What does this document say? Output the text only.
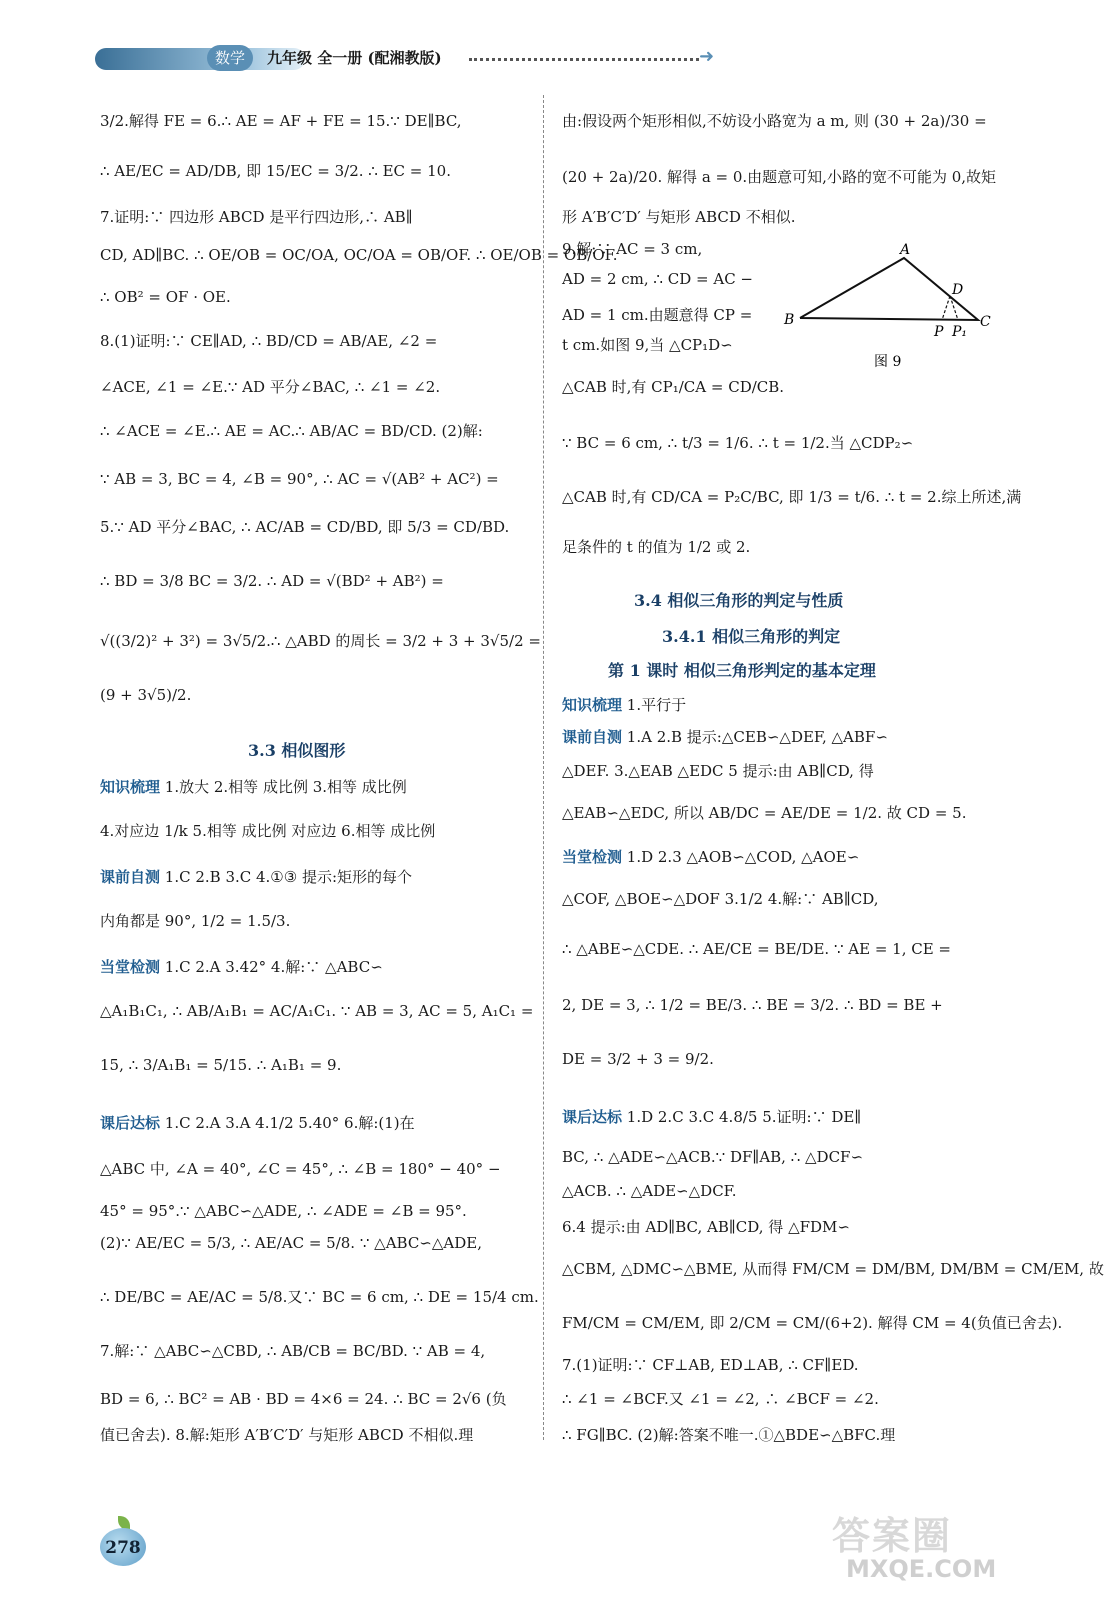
数学	九年级 全一册 (配湘教版)	➜
3/2.解得 FE = 6.∴ AE = AF + FE = 15.∵ DE∥BC,
∴ AE/EC = AD/DB, 即 15/EC = 3/2. ∴ EC = 10.
7.证明:∵ 四边形 ABCD 是平行四边形,∴ AB∥
CD, AD∥BC. ∴ OE/OB = OC/OA, OC/OA = OB/OF. ∴ OE/OB = OB/OF.
∴ OB² = OF · OE.
8.(1)证明:∵ CE∥AD, ∴ BD/CD = AB/AE, ∠2 =
∠ACE, ∠1 = ∠E.∵ AD 平分∠BAC, ∴ ∠1 = ∠2.
∴ ∠ACE = ∠E.∴ AE = AC.∴ AB/AC = BD/CD. (2)解:
∵ AB = 3, BC = 4, ∠B = 90°, ∴ AC = √(AB² + AC²) =
5.∵ AD 平分∠BAC, ∴ AC/AB = CD/BD, 即 5/3 = CD/BD.
∴ BD = 3/8 BC = 3/2. ∴ AD = √(BD² + AB²) =
√((3/2)² + 3²) = 3√5/2.∴ △ABD 的周长 = 3/2 + 3 + 3√5/2 =
(9 + 3√5)/2.
3.3 相似图形
知识梳理 1.放大 2.相等 成比例 3.相等 成比例
4.对应边 1/k 5.相等 成比例 对应边 6.相等 成比例
课前自测 1.C 2.B 3.C 4.①③ 提示:矩形的每个
内角都是 90°, 1/2 = 1.5/3.
当堂检测 1.C 2.A 3.42° 4.解:∵ △ABC∽
△A₁B₁C₁, ∴ AB/A₁B₁ = AC/A₁C₁. ∵ AB = 3, AC = 5, A₁C₁ =
15, ∴ 3/A₁B₁ = 5/15. ∴ A₁B₁ = 9.
课后达标 1.C 2.A 3.A 4.1/2 5.40° 6.解:(1)在
△ABC 中, ∠A = 40°, ∠C = 45°, ∴ ∠B = 180° − 40° −
45° = 95°.∵ △ABC∽△ADE, ∴ ∠ADE = ∠B = 95°.
(2)∵ AE/EC = 5/3, ∴ AE/AC = 5/8. ∵ △ABC∽△ADE,
∴ DE/BC = AE/AC = 5/8.又∵ BC = 6 cm, ∴ DE = 15/4 cm.
7.解:∵ △ABC∽△CBD, ∴ AB/CB = BC/BD. ∵ AB = 4,
BD = 6, ∴ BC² = AB · BD = 4×6 = 24. ∴ BC = 2√6 (负
值已舍去). 8.解:矩形 A′B′C′D′ 与矩形 ABCD 不相似.理
由:假设两个矩形相似,不妨设小路宽为 a m, 则 (30 + 2a)/30 =
(20 + 2a)/20. 解得 a = 0.由题意可知,小路的宽不可能为 0,故矩
形 A′B′C′D′ 与矩形 ABCD 不相似.
9.解:∵ AC = 3 cm,
AD = 2 cm, ∴ CD = AC −
AD = 1 cm.由题意得 CP =
t cm.如图 9,当 △CP₁D∽
△CAB 时,有 CP₁/CA = CD/CB.
∵ BC = 6 cm, ∴ t/3 = 1/6. ∴ t = 1/2.当 △CDP₂∽
△CAB 时,有 CD/CA = P₂C/BC, 即 1/3 = t/6. ∴ t = 2.综上所述,满
足条件的 t 的值为 1/2 或 2.
3.4 相似三角形的判定与性质
3.4.1 相似三角形的判定
第 1 课时 相似三角形判定的基本定理
知识梳理 1.平行于
课前自测 1.A 2.B 提示:△CEB∽△DEF, △ABF∽
△DEF. 3.△EAB △EDC 5 提示:由 AB∥CD, 得
△EAB∽△EDC, 所以 AB/DC = AE/DE = 1/2. 故 CD = 5.
当堂检测 1.D 2.3 △AOB∽△COD, △AOE∽
△COF, △BOE∽△DOF 3.1/2 4.解:∵ AB∥CD,
∴ △ABE∽△CDE. ∴ AE/CE = BE/DE. ∵ AE = 1, CE =
2, DE = 3, ∴ 1/2 = BE/3. ∴ BE = 3/2. ∴ BD = BE +
DE = 3/2 + 3 = 9/2.
课后达标 1.D 2.C 3.C 4.8/5 5.证明:∵ DE∥
BC, ∴ △ADE∽△ACB.∵ DF∥AB, ∴ △DCF∽
△ACB. ∴ △ADE∽△DCF.
6.4 提示:由 AD∥BC, AB∥CD, 得 △FDM∽
△CBM, △DMC∽△BME, 从而得 FM/CM = DM/BM, DM/BM = CM/EM, 故
FM/CM = CM/EM, 即 2/CM = CM/(6+2). 解得 CM = 4(负值已舍去).
7.(1)证明:∵ CF⊥AB, ED⊥AB, ∴ CF∥ED.
∴ ∠1 = ∠BCF.又 ∠1 = ∠2, ∴ ∠BCF = ∠2.
∴ FG∥BC. (2)解:答案不唯一.①△BDE∽△BFC.理
A
B	C
D
P P₁
图 9
278	答案圈
MXQE.COM
